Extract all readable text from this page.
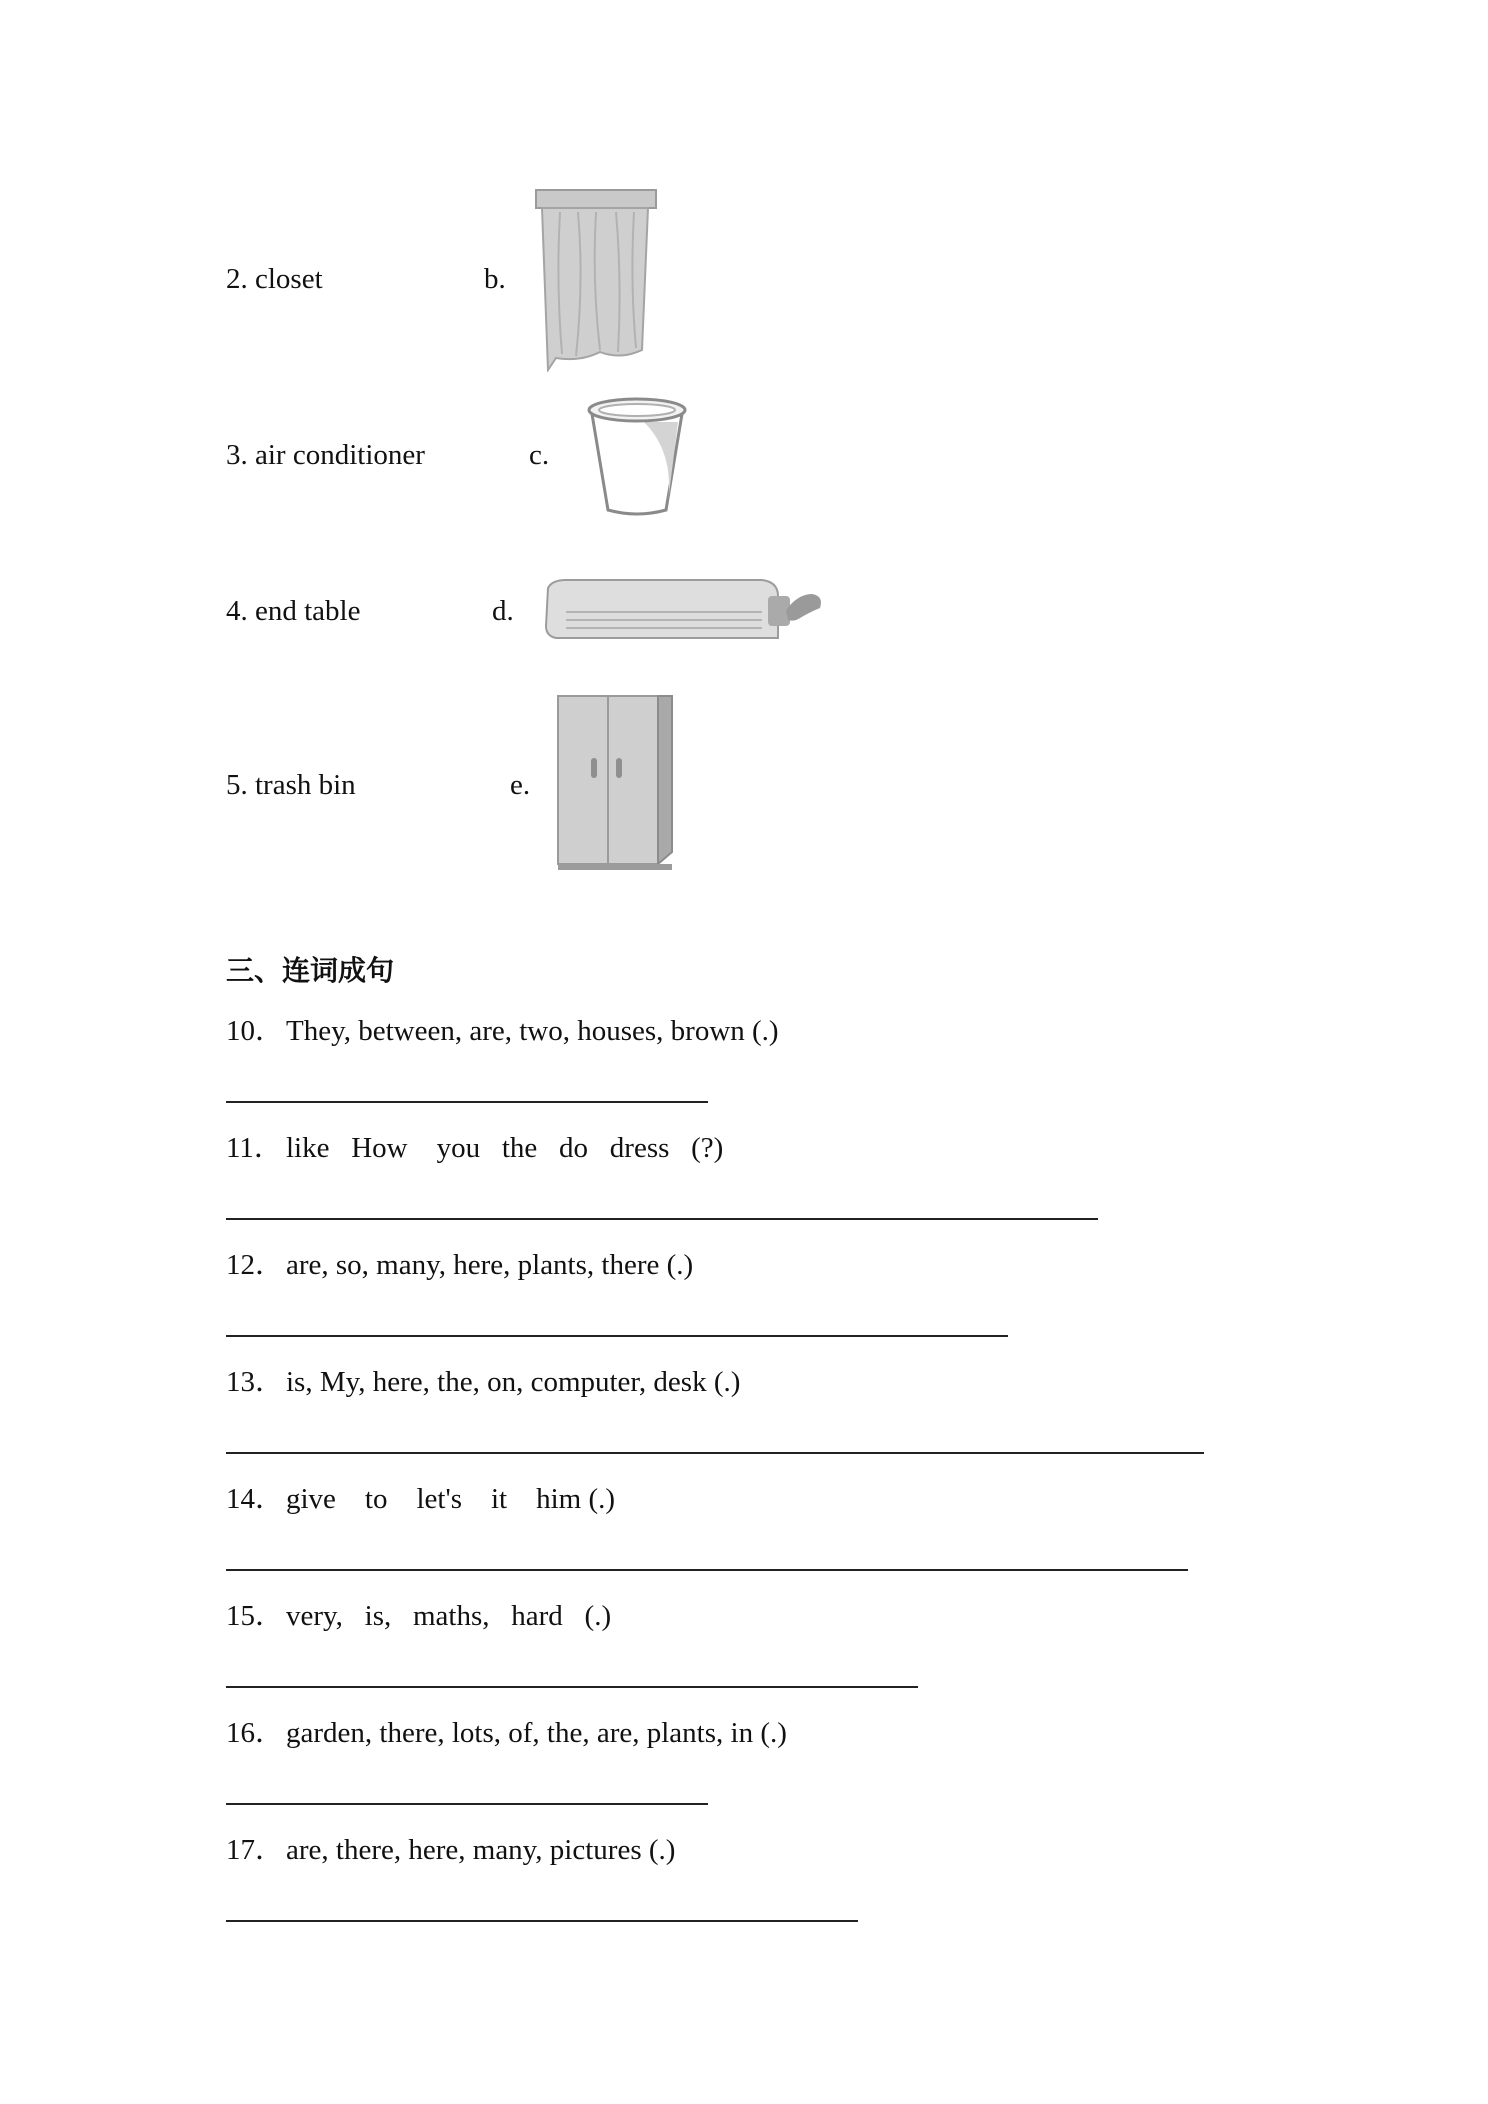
2. closet	b.
3. air conditioner	c.
4. end table	d.
5. trash bin	e.
三、连词成句
10． They, between, are, two, houses, brown (.)
11． like   How    you   the   do   dress   (?)
12． are, so, many, here, plants, there (.)
13． is, My, here, the, on, computer, desk (.)
14． give    to    let's    it    him (.)
15． very,   is,   maths,   hard   (.)
16． garden, there, lots, of, the, are, plants, in (.)
17． are, there, here, many, pictures (.)
